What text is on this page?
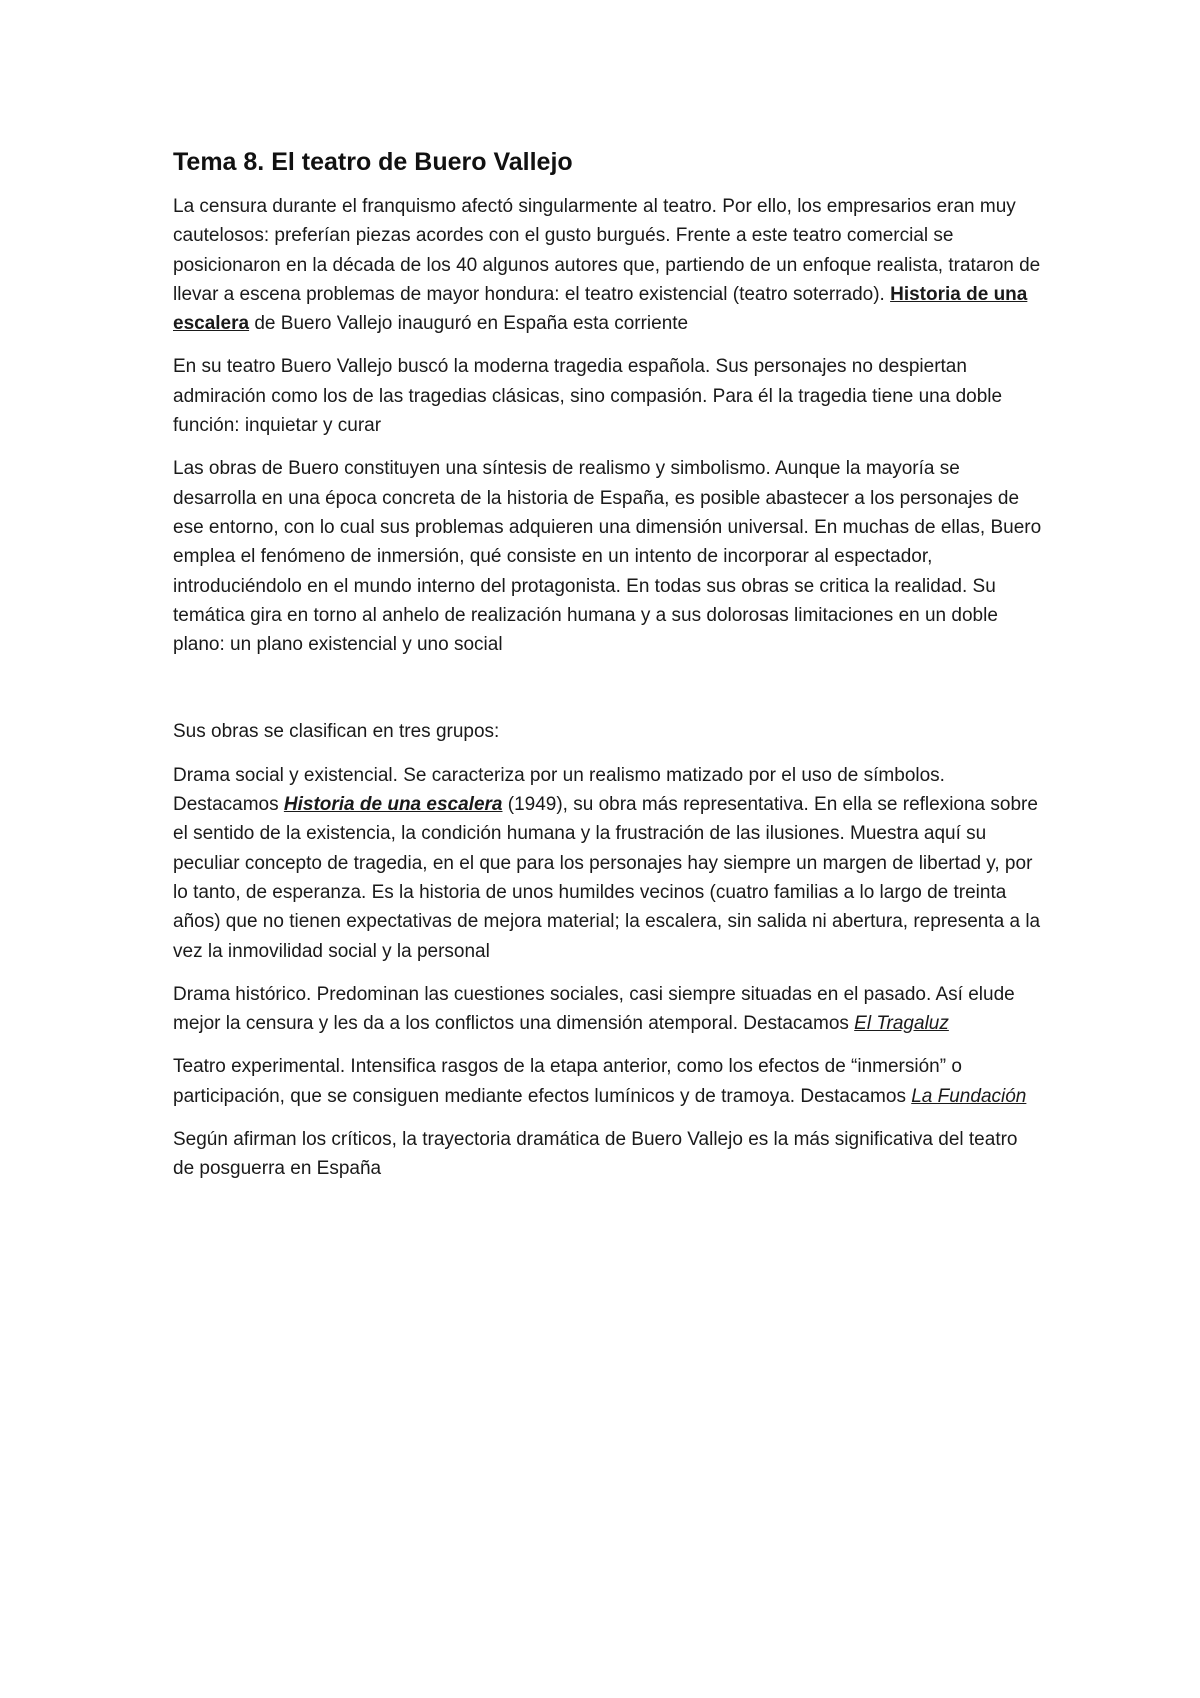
Tema 8. El teatro de Buero Vallejo

La censura durante el franquismo afectó singularmente al teatro. Por ello, los empresarios eran muy cautelosos: preferían piezas acordes con el gusto burgués. Frente a este teatro comercial se posicionaron en la década de los 40 algunos autores que, partiendo de un enfoque realista, trataron de llevar a escena problemas de mayor hondura: el teatro existencial (teatro soterrado). Historia de una escalera de Buero Vallejo inauguró en España esta corriente

En su teatro Buero Vallejo buscó la moderna tragedia española. Sus personajes no despiertan admiración como los de las tragedias clásicas, sino compasión. Para él la tragedia tiene una doble función: inquietar y curar

Las obras de Buero constituyen una síntesis de realismo y simbolismo. Aunque la mayoría se desarrolla en una época concreta de la historia de España, es posible abastecer a los personajes de ese entorno, con lo cual sus problemas adquieren una dimensión universal. En muchas de ellas, Buero emplea el fenómeno de inmersión, qué consiste en un intento de incorporar al espectador, introduciéndolo en el mundo interno del protagonista. En todas sus obras se critica la realidad. Su temática gira en torno al anhelo de realización humana y a sus dolorosas limitaciones en un doble plano: un plano existencial y uno social

Sus obras se clasifican en tres grupos:

Drama social y existencial. Se caracteriza por un realismo matizado por el uso de símbolos. Destacamos Historia de una escalera (1949), su obra más representativa. En ella se reflexiona sobre el sentido de la existencia, la condición humana y la frustración de las ilusiones. Muestra aquí su peculiar concepto de tragedia, en el que para los personajes hay siempre un margen de libertad y, por lo tanto, de esperanza. Es la historia de unos humildes vecinos (cuatro familias a lo largo de treinta años) que no tienen expectativas de mejora material; la escalera, sin salida ni abertura, representa a la vez la inmovilidad social y la personal

Drama histórico. Predominan las cuestiones sociales, casi siempre situadas en el pasado. Así elude mejor la censura y les da a los conflictos una dimensión atemporal. Destacamos El Tragaluz

Teatro experimental. Intensifica rasgos de la etapa anterior, como los efectos de “inmersión” o participación, que se consiguen mediante efectos lumínicos y de tramoya. Destacamos La Fundación

Según afirman los críticos, la trayectoria dramática de Buero Vallejo es la más significativa del teatro de posguerra en España
